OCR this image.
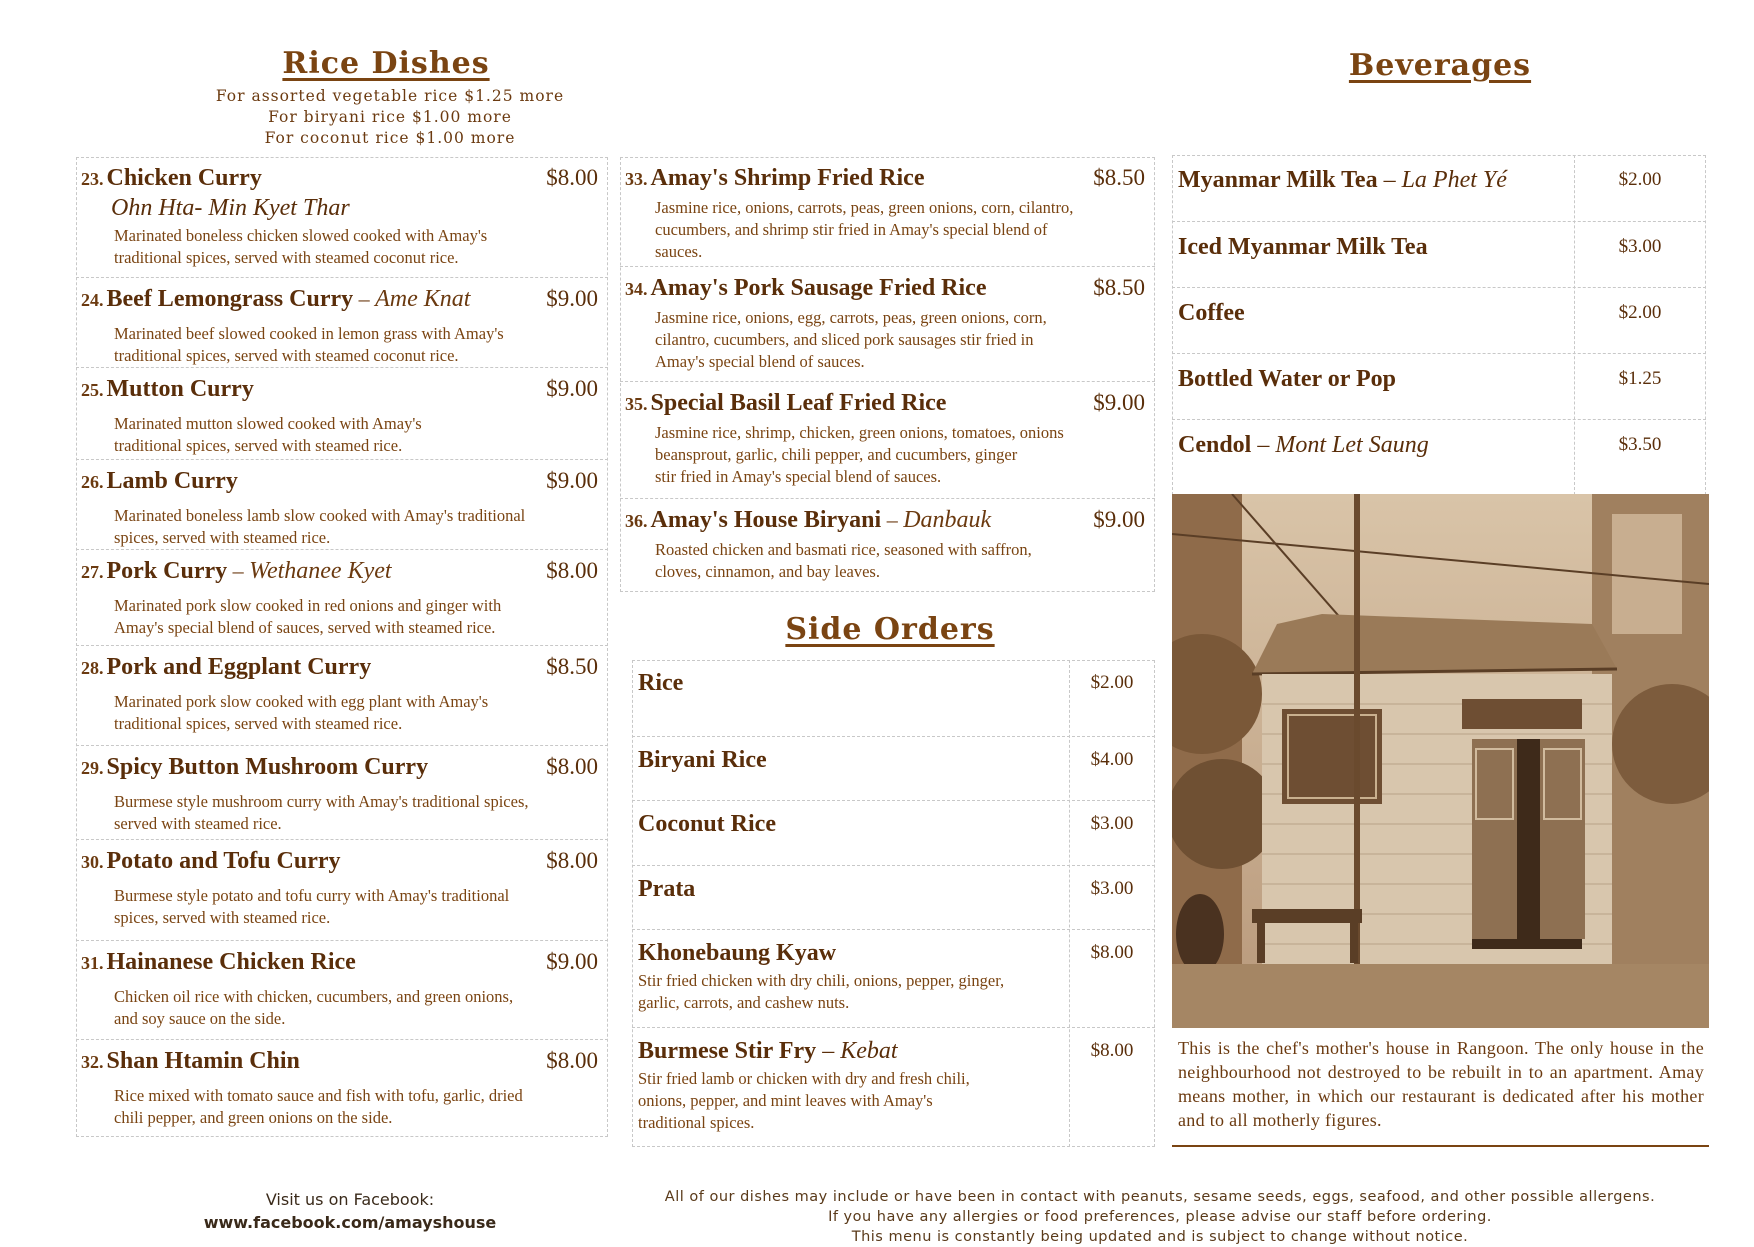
Rice Dishes
For assorted vegetable rice $1.25 more
For biryani rice $1.00 more
For coconut rice $1.00 more
23. Chicken Curry	$8.00
Ohn Hta- Min Kyet Thar
Marinated boneless chicken slowed cooked with Amay's
traditional spices, served with steamed coconut rice.
24. Beef Lemongrass Curry – Ame Knat	$9.00
Marinated beef slowed cooked in lemon grass with Amay's
traditional spices, served with steamed coconut rice.
25. Mutton Curry	$9.00
Marinated mutton slowed cooked with Amay's
traditional spices, served with steamed rice.
26. Lamb Curry	$9.00
Marinated boneless lamb slow cooked with Amay's traditional
spices, served with steamed rice.
27. Pork Curry – Wethanee Kyet	$8.00
Marinated pork slow cooked in red onions and ginger with
Amay's special blend of sauces, served with steamed rice.
28. Pork and Eggplant Curry	$8.50
Marinated pork slow cooked with egg plant with Amay's
traditional spices, served with steamed rice.
29. Spicy Button Mushroom Curry	$8.00
Burmese style mushroom curry with Amay's traditional spices,
served with steamed rice.
30. Potato and Tofu Curry	$8.00
Burmese style potato and tofu curry with Amay's traditional
spices, served with steamed rice.
31. Hainanese Chicken Rice	$9.00
Chicken oil rice with chicken, cucumbers, and green onions,
and soy sauce on the side.
32. Shan Htamin Chin	$8.00
Rice mixed with tomato sauce and fish with tofu, garlic, dried
chili pepper, and green onions on the side.
33. Amay's Shrimp Fried Rice	$8.50
Jasmine rice, onions, carrots, peas, green onions, corn, cilantro,
cucumbers, and shrimp stir fried in Amay's special blend of
sauces.
34. Amay's Pork Sausage Fried Rice	$8.50
Jasmine rice, onions, egg, carrots, peas, green onions, corn,
cilantro, cucumbers, and sliced pork sausages stir fried in
Amay's special blend of sauces.
35. Special Basil Leaf Fried Rice	$9.00
Jasmine rice, shrimp, chicken, green onions, tomatoes, onions
beansprout, garlic, chili pepper, and cucumbers, ginger
stir fried in Amay's special blend of sauces.
36. Amay's House Biryani – Danbauk	$9.00
Roasted chicken and basmati rice, seasoned with saffron,
cloves, cinnamon, and bay leaves.
Side Orders
Rice	$2.00
Biryani Rice	$4.00
Coconut Rice	$3.00
Prata	$3.00
Khonebaung Kyaw	$8.00
Stir fried chicken with dry chili, onions, pepper, ginger,
garlic, carrots, and cashew nuts.
Burmese Stir Fry – Kebat	$8.00
Stir fried lamb or chicken with dry and fresh chili,
onions, pepper, and mint leaves with Amay's
traditional spices.
Beverages
Myanmar Milk Tea – La Phet Yé	$2.00
Iced Myanmar Milk Tea	$3.00
Coffee	$2.00
Bottled Water or Pop	$1.25
Cendol – Mont Let Saung	$3.50
This is the chef's mother's house in Rangoon. The only house in the neighbourhood not destroyed to be rebuilt in to an apartment. Amay means mother, in which our restaurant is dedicated after his mother and to all motherly figures.
Visit us on Facebook:
www.facebook.com/amayshouse
All of our dishes may include or have been in contact with peanuts, sesame seeds, eggs, seafood, and other possible allergens.
If you have any allergies or food preferences, please advise our staff before ordering.
This menu is constantly being updated and is subject to change without notice.
